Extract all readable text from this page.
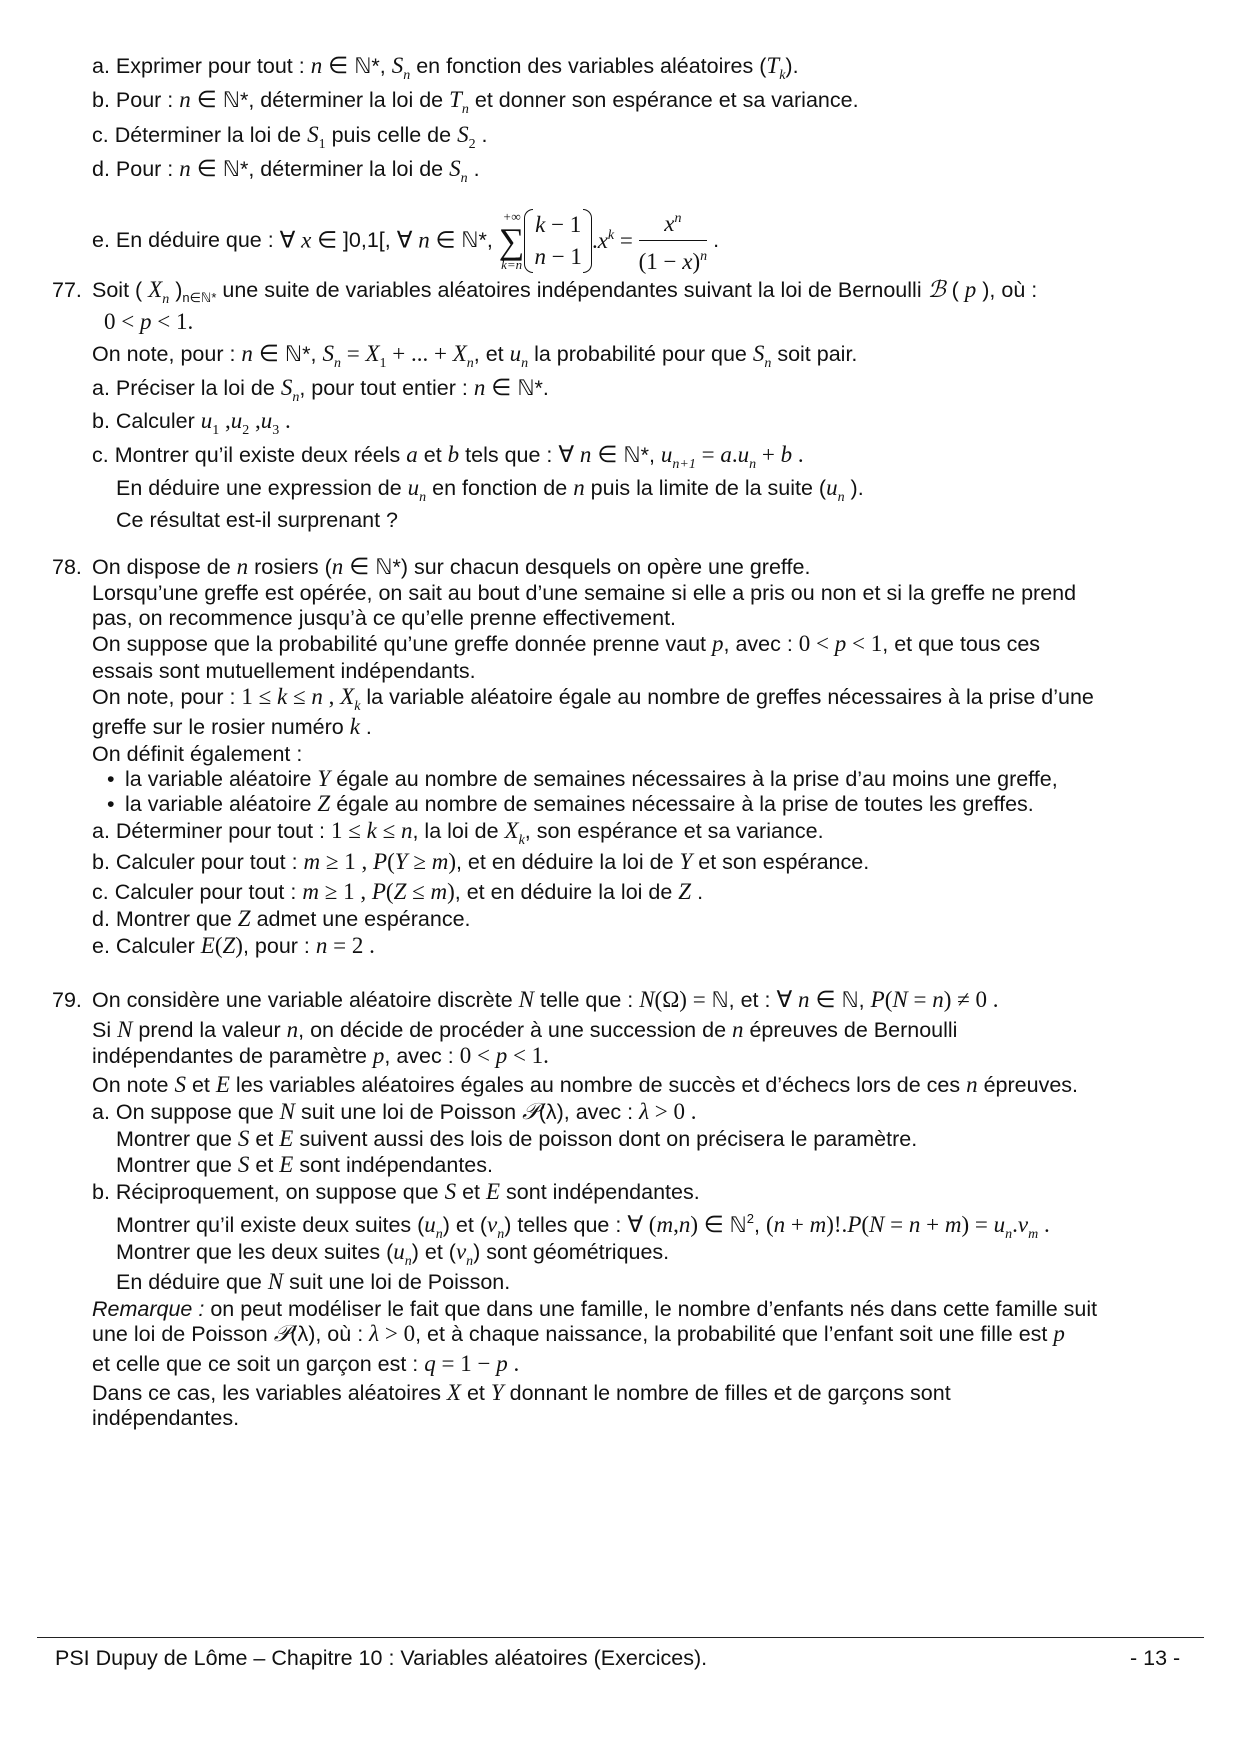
a. Exprimer pour tout : n ∈ ℕ*, $S_n$ en fonction des variables aléatoires $(T_k)$.
b. Pour : n ∈ ℕ*, déterminer la loi de $T_n$ et donner son espérance et sa variance.
c. Déterminer la loi de $S_1$ puis celle de $S_2$ .
d. Pour : n ∈ ℕ*, déterminer la loi de $S_n$ .
e. En déduire que : ∀ x ∈ ]0,1[, ∀ n ∈ ℕ*,
+∞
∑
k=n
k − 1
n − 1
$.x^k = \frac{x^n}{(1 - x)^n}$ .
77. Soit ( $X_n$ )$_{n\in ℕ*}$ une suite de variables aléatoires indépendantes suivant la loi de Bernoulli ℬ ( p ), où :
0 < p < 1.
On note, pour : n ∈ ℕ*, $S_n = X_1$ + ... + $X_n$, et $u_n$ la probabilité pour que $S_n$ soit pair.
a. Préciser la loi de $S_n$, pour tout entier : n ∈ ℕ*.
b. Calculer $u_1$ $,u_2$ $,u_3$ .
c. Montrer qu’il existe deux réels a et b tels que : ∀ n ∈ ℕ*, $u_{n+1} = a.u_n + b$ .
En déduire une expression de $u_n$ en fonction de n puis la limite de la suite ($u_n$ ).
Ce résultat est-il surprenant ?
78. On dispose de n rosiers (n ∈ ℕ*) sur chacun desquels on opère une greffe.
Lorsqu’une greffe est opérée, on sait au bout d’une semaine si elle a pris ou non et si la greffe ne prend
pas, on recommence jusqu’à ce qu’elle prenne effectivement.
On suppose que la probabilité qu’une greffe donnée prenne vaut p, avec : 0 < p < 1, et que tous ces
essais sont mutuellement indépendants.
On note, pour : 1 ≤ k ≤ n , $X_k$ la variable aléatoire égale au nombre de greffes nécessaires à la prise d’une
greffe sur le rosier numéro k .
On définit également :
• la variable aléatoire Y égale au nombre de semaines nécessaires à la prise d’au moins une greffe,
• la variable aléatoire Z égale au nombre de semaines nécessaire à la prise de toutes les greffes.
a. Déterminer pour tout : 1 ≤ k ≤ n, la loi de $X_k$, son espérance et sa variance.
b. Calculer pour tout : m ≥ 1 , P(Y ≥ m), et en déduire la loi de Y et son espérance.
c. Calculer pour tout : m ≥ 1 , P(Z ≤ m), et en déduire la loi de Z .
d. Montrer que Z admet une espérance.
e. Calculer E(Z), pour : n = 2 .
79. On considère une variable aléatoire discrète N telle que : N(Ω) = ℕ, et : ∀ n ∈ ℕ, P(N = n) ≠ 0 .
Si N prend la valeur n, on décide de procéder à une succession de n épreuves de Bernoulli
indépendantes de paramètre p, avec : 0 < p < 1.
On note S et E les variables aléatoires égales au nombre de succès et d’échecs lors de ces n épreuves.
a. On suppose que N suit une loi de Poisson 𝒫(λ), avec : λ > 0 .
Montrer que S et E suivent aussi des lois de poisson dont on précisera le paramètre.
Montrer que S et E sont indépendantes.
b. Réciproquement, on suppose que S et E sont indépendantes.
Montrer qu’il existe deux suites $(u_n)$ et $(v_n)$ telles que : ∀ (m,n) ∈ ℕ$^2$, $(n + m)!.P(N = n + m) = u_n.v_m$ .
Montrer que les deux suites $(u_n)$ et $(v_n)$ sont géométriques.
En déduire que N suit une loi de Poisson.
Remarque : on peut modéliser le fait que dans une famille, le nombre d’enfants nés dans cette famille suit
une loi de Poisson 𝒫(λ), où : λ > 0, et à chaque naissance, la probabilité que l’enfant soit une fille est p
et celle que ce soit un garçon est : q = 1 − p .
Dans ce cas, les variables aléatoires X et Y donnant le nombre de filles et de garçons sont
indépendantes.
PSI Dupuy de Lôme – Chapitre 10 : Variables aléatoires (Exercices).	- 13 -
